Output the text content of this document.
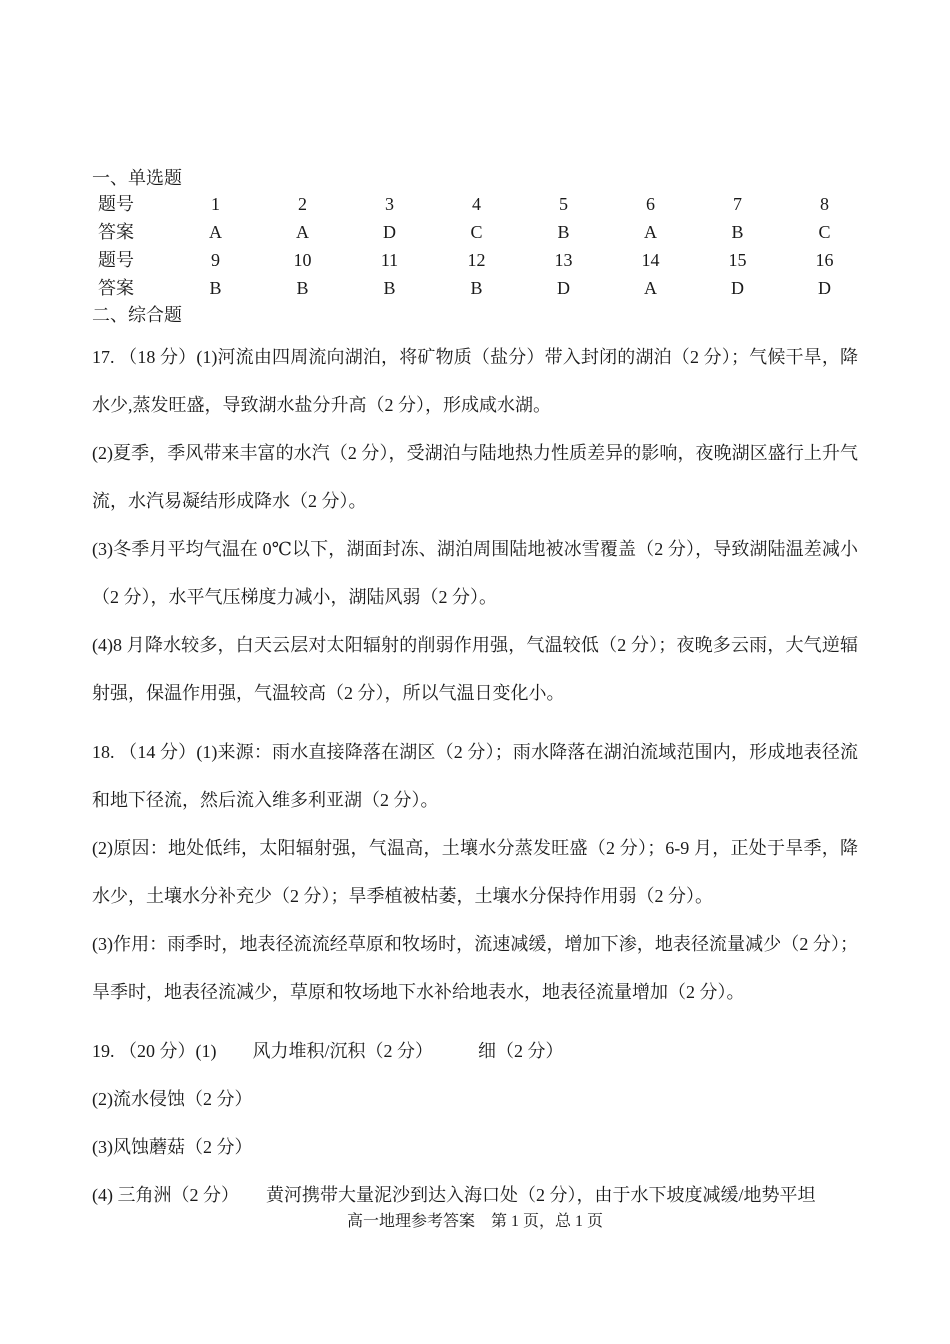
一、单选题
题号	1	2	3	4	5	6	7	8
答案	A	A	D	C	B	A	B	C
题号	9	10	11	12	13	14	15	16
答案	B	B	B	B	D	A	D	D
二、综合题

17. （18 分）(1)河流由四周流向湖泊，将矿物质（盐分）带入封闭的湖泊（2 分）；气候干旱，降水少,蒸发旺盛，导致湖水盐分升高（2 分），形成咸水湖。

(2)夏季，季风带来丰富的水汽（2 分），受湖泊与陆地热力性质差异的影响，夜晚湖区盛行上升气流，水汽易凝结形成降水（2 分）。

(3)冬季月平均气温在 0℃以下，湖面封冻、湖泊周围陆地被冰雪覆盖（2 分），导致湖陆温差减小（2 分），水平气压梯度力减小，湖陆风弱（2 分）。

(4)8 月降水较多，白天云层对太阳辐射的削弱作用强，气温较低（2 分）；夜晚多云雨，大气逆辐射强，保温作用强，气温较高（2 分），所以气温日变化小。

18. （14 分）(1)来源：雨水直接降落在湖区（2 分）；雨水降落在湖泊流域范围内，形成地表径流和地下径流，然后流入维多利亚湖（2 分）。

(2)原因：地处低纬，太阳辐射强，气温高，土壤水分蒸发旺盛（2 分）；6-9 月，正处于旱季，降水少，土壤水分补充少（2 分）；旱季植被枯萎，土壤水分保持作用弱（2 分）。

(3)作用：雨季时，地表径流流经草原和牧场时，流速减缓，增加下渗，地表径流量减少（2 分）；旱季时，地表径流减少，草原和牧场地下水补给地表水，地表径流量增加（2 分）。

19. （20 分）(1)　　风力堆积/沉积（2 分）　　　细（2 分）

(2)流水侵蚀（2 分）

(3)风蚀蘑菇（2 分）

(4) 三角洲（2 分）　　黄河携带大量泥沙到达入海口处（2 分），由于水下坡度减缓/地势平坦

高一地理参考答案　第 1 页，总 1 页
